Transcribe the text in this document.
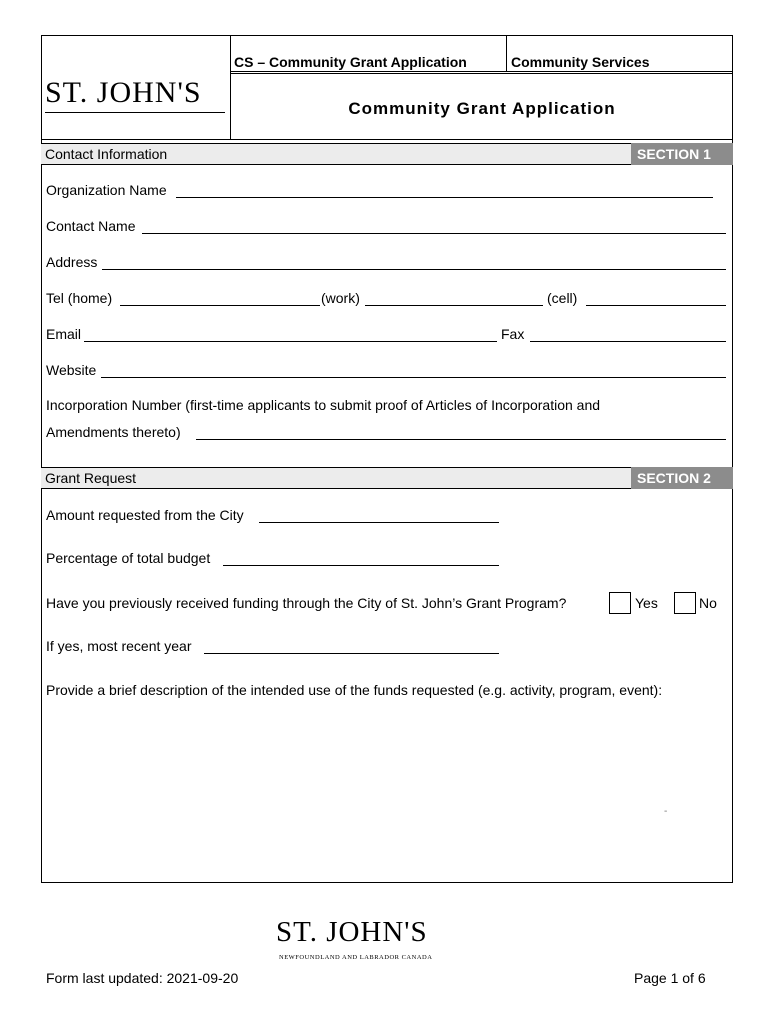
ST. JOHN'S
CS – Community Grant Application	Community Services
Community Grant Application
Contact Information	SECTION 1
Organization Name
Contact Name
Address
Tel (home)	(work)	(cell)
Email	Fax
Website
Incorporation Number (first-time applicants to submit proof of Articles of Incorporation and
Amendments thereto)
Grant Request	SECTION 2
Amount requested from the City
Percentage of total budget
Have you previously received funding through the City of St. John’s Grant Program?	Yes	No
If yes, most recent year
Provide a brief description of the intended use of the funds requested (e.g. activity, program, event):
-
ST. JOHN'S
NEWFOUNDLAND AND LABRADOR CANADA
Form last updated: 2021-09-20	Page 1 of 6
